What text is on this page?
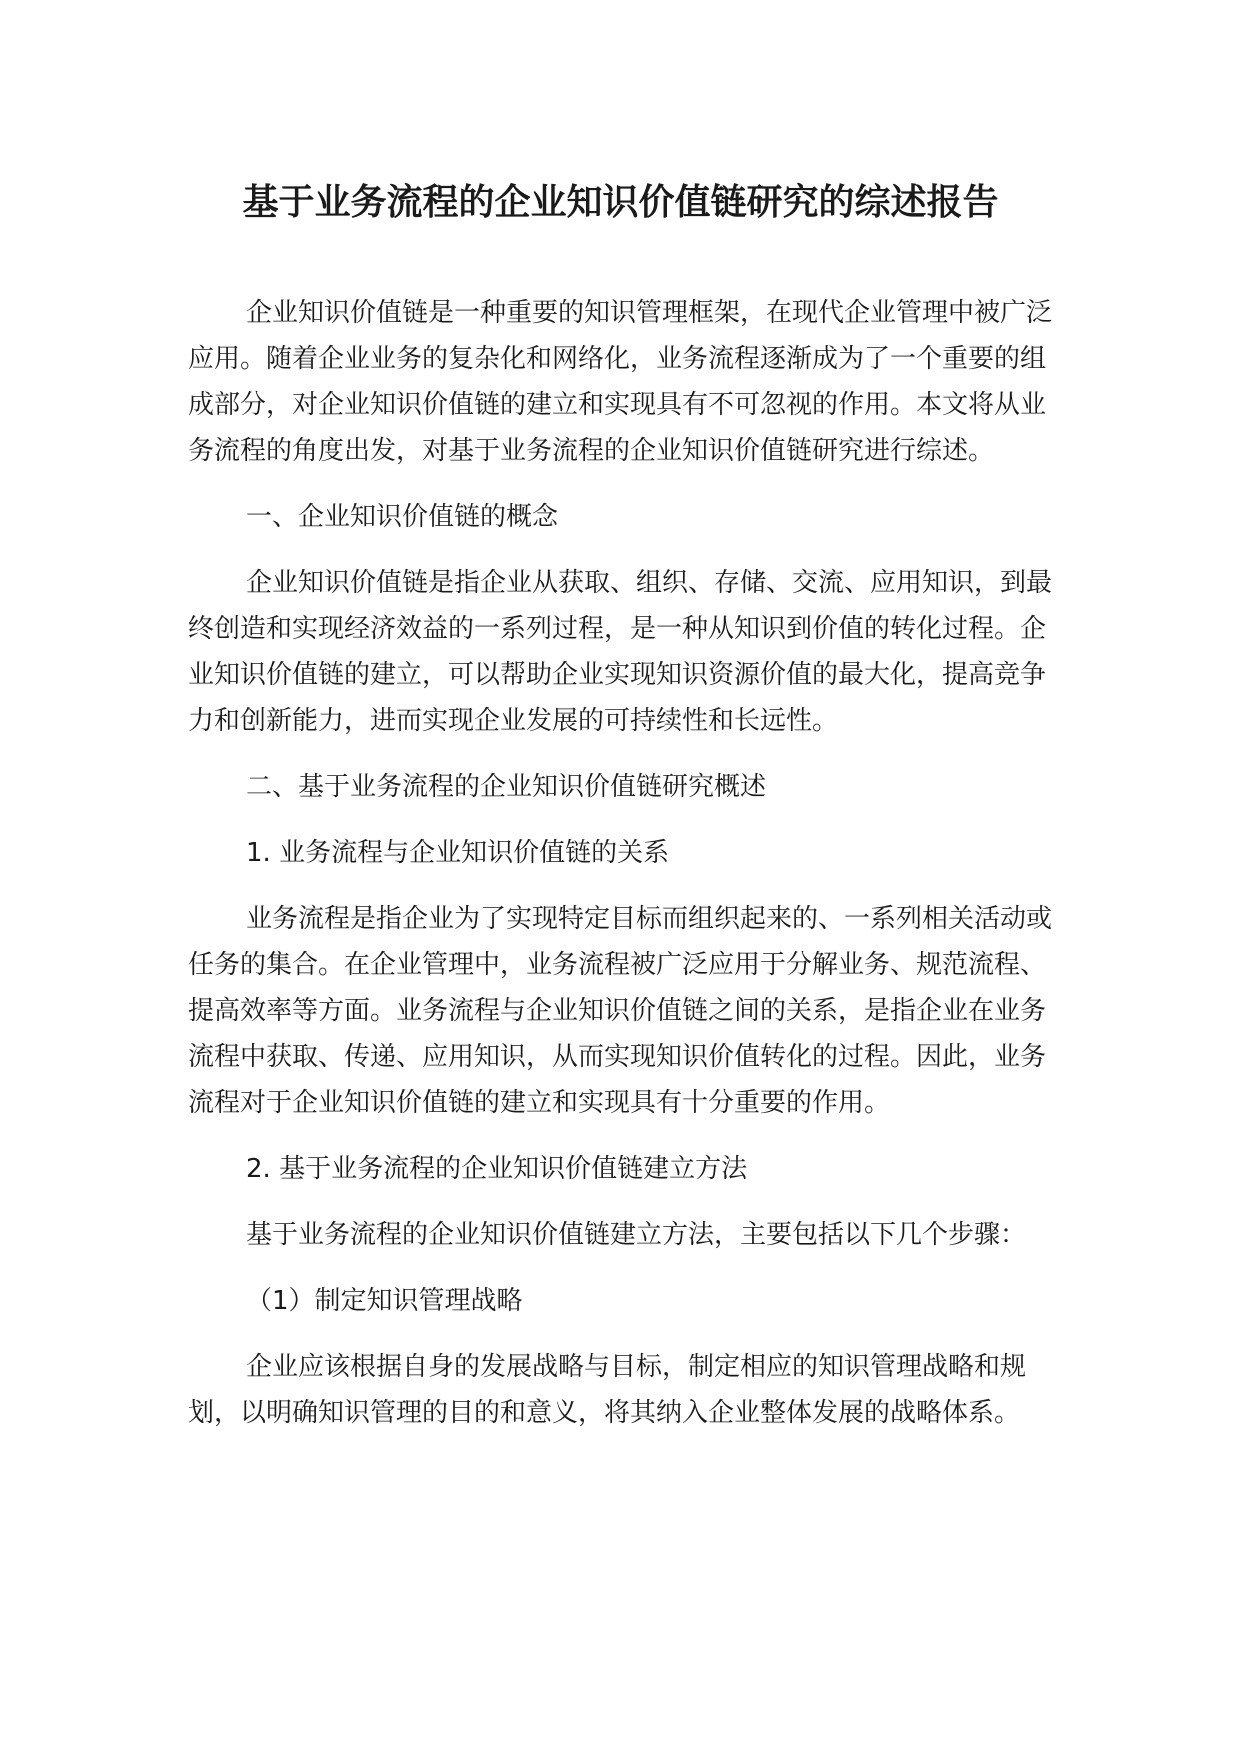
基于业务流程的企业知识价值链研究的综述报告

企业知识价值链是一种重要的知识管理框架，在现代企业管理中被广泛应用。随着企业业务的复杂化和网络化，业务流程逐渐成为了一个重要的组成部分，对企业知识价值链的建立和实现具有不可忽视的作用。本文将从业务流程的角度出发，对基于业务流程的企业知识价值链研究进行综述。

一、企业知识价值链的概念

企业知识价值链是指企业从获取、组织、存储、交流、应用知识，到最终创造和实现经济效益的一系列过程，是一种从知识到价值的转化过程。企业知识价值链的建立，可以帮助企业实现知识资源价值的最大化，提高竞争力和创新能力，进而实现企业发展的可持续性和长远性。

二、基于业务流程的企业知识价值链研究概述

1. 业务流程与企业知识价值链的关系

业务流程是指企业为了实现特定目标而组织起来的、一系列相关活动或任务的集合。在企业管理中，业务流程被广泛应用于分解业务、规范流程、提高效率等方面。业务流程与企业知识价值链之间的关系，是指企业在业务流程中获取、传递、应用知识，从而实现知识价值转化的过程。因此，业务流程对于企业知识价值链的建立和实现具有十分重要的作用。

2. 基于业务流程的企业知识价值链建立方法

基于业务流程的企业知识价值链建立方法，主要包括以下几个步骤：

（1）制定知识管理战略

企业应该根据自身的发展战略与目标，制定相应的知识管理战略和规划，以明确知识管理的目的和意义，将其纳入企业整体发展的战略体系。
